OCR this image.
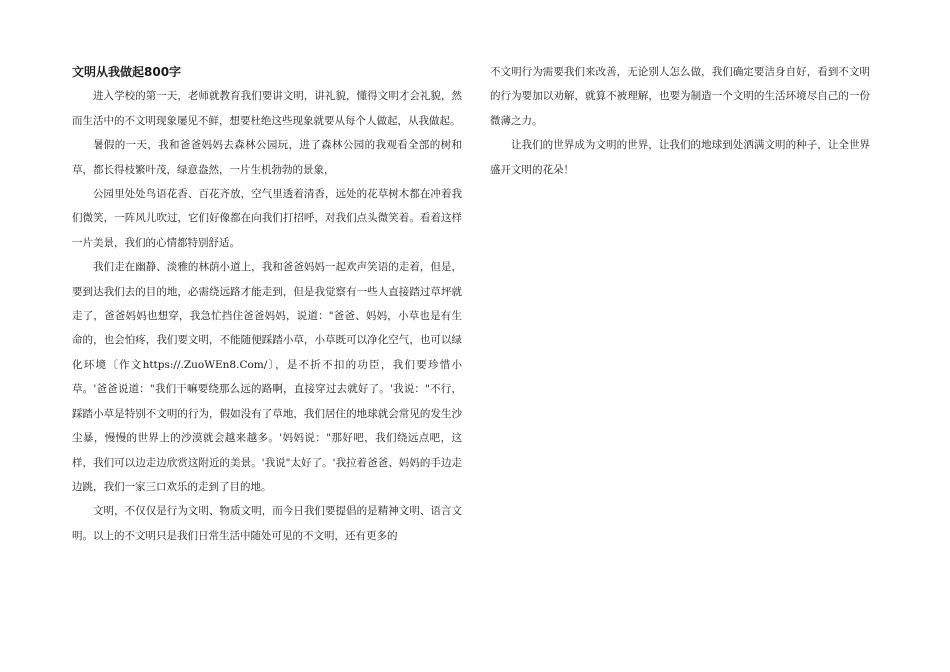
文明从我做起800字

进入学校的第一天，老师就教育我们要讲文明，讲礼貌，懂得文明才会礼貌，然而生活中的不文明现象屡见不鲜，想要杜绝这些现象就要从每个人做起，从我做起。

暑假的一天，我和爸爸妈妈去森林公园玩，进了森林公园的我观看全部的树和草，都长得枝繁叶茂，绿意盎然，一片生机勃勃的景象，

公园里处处鸟语花香、百花齐放，空气里透着清香，远处的花草树木都在冲着我们微笑，一阵风儿吹过，它们好像都在向我们打招呼，对我们点头微笑着。看着这样一片美景，我们的心情都特别舒适。

我们走在幽静、淡雅的林荫小道上，我和爸爸妈妈一起欢声笑语的走着，但是，要到达我们去的目的地，必需绕远路才能走到，但是我觉察有一些人直接踏过草坪就走了，爸爸妈妈也想穿，我急忙挡住爸爸妈妈，说道："爸爸、妈妈，小草也是有生命的，也会怕疼，我们要文明，不能随便踩踏小草，小草既可以净化空气，也可以绿化环境〔作文https://.ZuoWEn8.Com/〕，是不折不扣的功臣，我们要珍惜小草。'爸爸说道："我们干嘛要绕那么远的路啊，直接穿过去就好了。'我说："不行，踩踏小草是特别不文明的行为，假如没有了草地，我们居住的地球就会常见的发生沙尘暴，慢慢的世界上的沙漠就会越来越多。'妈妈说："那好吧，我们绕远点吧，这样，我们可以边走边欣赏这附近的美景。'我说"太好了。'我拉着爸爸、妈妈的手边走边跳，我们一家三口欢乐的走到了目的地。

文明，不仅仅是行为文明、物质文明，而今日我们要提倡的是精神文明、语言文明。以上的不文明只是我们日常生活中随处可见的不文明，还有更多的

不文明行为需要我们来改善，无论别人怎么做，我们确定要洁身自好，看到不文明的行为要加以劝解，就算不被理解，也要为制造一个文明的生活环境尽自己的一份微薄之力。

让我们的世界成为文明的世界，让我们的地球到处洒满文明的种子，让全世界盛开文明的花朵！
